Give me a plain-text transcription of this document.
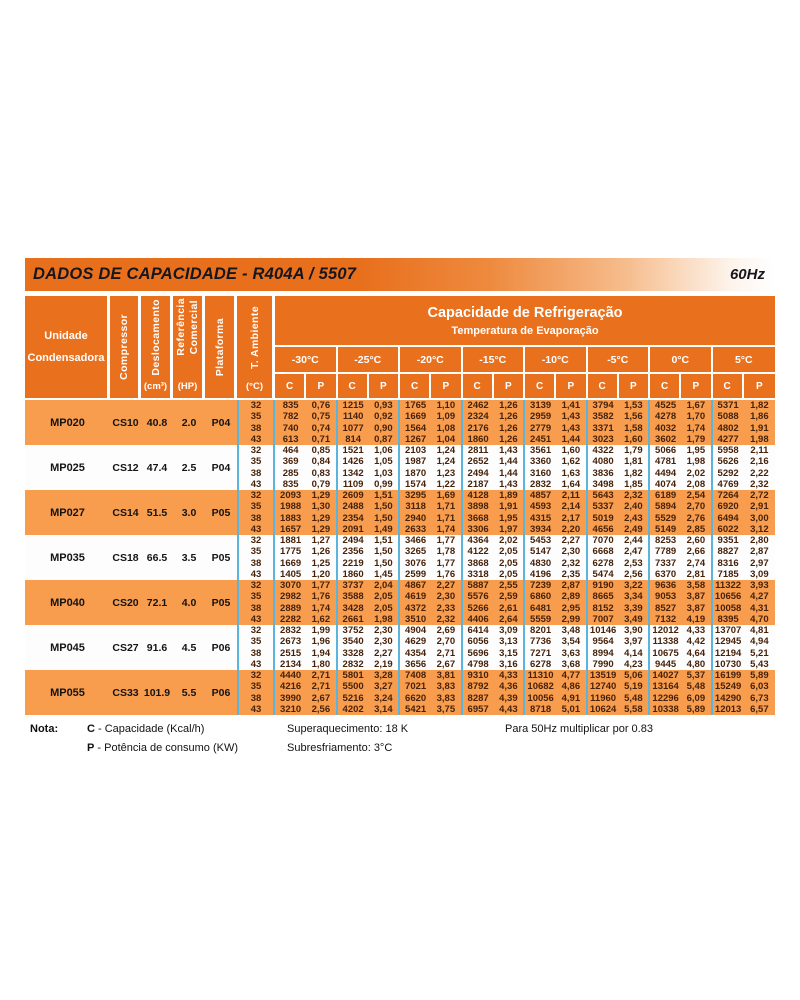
DADOS DE CAPACIDADE - R404A / 5507	60Hz
Unidade Condensadora	Compressor Deslocamento
(cm³)
Referência Comercial
(HP)
Plataforma T. Ambiente
(°C)
Capacidade de Refrigeração
Temperatura de Evaporação
-30°C	-25°C	-20°C	-15°C	-10°C	-5°C	0°C	5°C
C	P	C	P	C	P	C	P	C	P	C	P	C	P	C	P
MP020	CS10 40.8	2.0	P04
32	835	0,76	1215	0,93	1765	1,10	2462	1,26	3139	1,41	3794	1,53	4525	1,67	5371	1,82
35	782	0,75	1140	0,92	1669	1,09	2324	1,26	2959	1,43	3582	1,56	4278	1,70	5088	1,86
38	740	0,74	1077	0,90	1564	1,08	2176	1,26	2779	1,43	3371	1,58	4032	1,74	4802	1,91
43	613	0,71	814	0,87	1267	1,04	1860	1,26	2451	1,44	3023	1,60	3602	1,79	4277	1,98
MP025	CS12 47.4	2.5	P04
32	464	0,85	1521	1,06	2103	1,24	2811	1,43	3561	1,60	4322	1,79	5066	1,95	5958	2,11
35	369	0,84	1426	1,05	1987	1,24	2652	1,44	3360	1,62	4080	1,81	4781	1,98	5626	2,16
38	285	0,83	1342	1,03	1870	1,23	2494	1,44	3160	1,63	3836	1,82	4494	2,02	5292	2,22
43	835	0,79	1109	0,99	1574	1,22	2187	1,43	2832	1,64	3498	1,85	4074	2,08	4769	2,32
MP027	CS14 51.5	3.0	P05
32	2093	1,29	2609	1,51	3295	1,69	4128	1,89	4857	2,11	5643	2,32	6189	2,54	7264	2,72
35	1988	1,30	2488	1,50	3118	1,71	3898	1,91	4593	2,14	5337	2,40	5894	2,70	6920	2,91
38	1883	1,29	2354	1,50	2940	1,71	3668	1,95	4315	2,17	5019	2,43	5529	2,76	6494	3,00
43	1657	1,29	2091	1,49	2633	1,74	3306	1,97	3934	2,20	4656	2,49	5149	2,85	6022	3,12
MP035	CS18 66.5	3.5	P05
32	1881	1,27	2494	1,51	3466	1,77	4364	2,02	5453	2,27	7070	2,44	8253	2,60	9351	2,80
35	1775	1,26	2356	1,50	3265	1,78	4122	2,05	5147	2,30	6668	2,47	7789	2,66	8827	2,87
38	1669	1,25	2219	1,50	3076	1,77	3868	2,05	4830	2,32	6278	2,53	7337	2,74	8316	2,97
43	1405	1,20	1860	1,45	2599	1,76	3318	2,05	4196	2,35	5474	2,56	6370	2,81	7185	3,09
MP040	CS20 72.1	4.0	P05
32	3070	1,77	3737	2,04	4867	2,27	5887	2,55	7239	2,87	9190	3,22	9636	3,58	11322 3,93
35	2982	1,76	3588	2,05	4619	2,30	5576	2,59	6860	2,89	8665	3,34	9053	3,87	10656 4,27
38	2889	1,74	3428	2,05	4372	2,33	5266	2,61	6481	2,95	8152	3,39	8527	3,87	10058 4,31
43	2282	1,62	2661	1,98	3510	2,32	4406	2,64	5559	2,99	7007	3,49	7132	4,19	8395	4,70
MP045	CS27 91.6	4.5	P06
32	2832	1,99	3752	2,30	4904	2,69	6414	3,09	8201	3,48	10146 3,90	12012 4,33	13707 4,81
35	2673	1,96	3540	2,30	4629	2,70	6056	3,13	7736	3,54	9564	3,97	11338 4,42	12945 4,94
38	2515	1,94	3328	2,27	4354	2,71	5696	3,15	7271	3,63	8994	4,14	10675 4,64	12194 5,21
43	2134	1,80	2832	2,19	3656	2,67	4798	3,16	6278	3,68	7990	4,23	9445	4,80	10730 5,43
MP055	CS33 101.9	5.5	P06
32	4440	2,71	5801	3,28	7408	3,81	9310	4,33	11310 4,77	13519 5,06	14027 5,37	16199 5,89
35	4216	2,71	5500	3,27	7021	3,83	8792	4,36	10682 4,86	12740 5,19	13164 5,48	15249 6,03
38	3990	2,67	5216	3,24	6620	3,83	8287	4,39	10056 4,91	11960 5,48	12296 6,09	14290 6,73
43	3210	2,56	4202	3,14	5421	3,75	6957	4,43	8718	5,01	10624 5,58	10338 5,89	12013 6,57
Nota:	C - Capacidade (Kcal/h)
P - Potência de consumo (KW)
Superaquecimento: 18 K
Subresfriamento: 3°C
Para 50Hz multiplicar por 0.83
